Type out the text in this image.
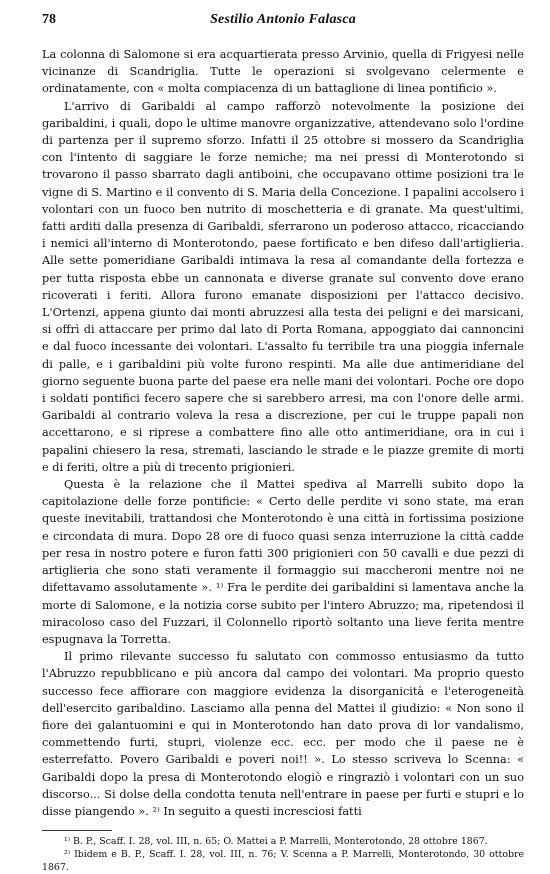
78	Sestilio Antonio Falasca

La colonna di Salomone si era acquartierata presso Arvinio, quella di Frigyesi nelle vicinanze di Scandriglia. Tutte le operazioni si svolgevano celermente e ordinatamente, con « molta compiacenza di un battaglione di linea pontificio ».

L'arrivo di Garibaldi al campo rafforzò notevolmente la posizione dei garibaldini, i quali, dopo le ultime manovre organizzative, attendevano solo l'ordine di partenza per il supremo sforzo. Infatti il 25 ottobre si mossero da Scandriglia con l'intento di saggiare le forze nemiche; ma nei pressi di Monterotondo si trovarono il passo sbarrato dagli antiboini, che occupavano ottime posizioni tra le vigne di S. Martino e il convento di S. Maria della Concezione. I papalini accolsero i volontari con un fuoco ben nutrito di moschetteria e di granate. Ma quest'ultimi, fatti arditi dalla presenza di Garibaldi, sferrarono un poderoso attacco, ricacciando i nemici all'interno di Monterotondo, paese fortificato e ben difeso dall'artiglieria. Alle sette pomeridiane Garibaldi intimava la resa al comandante della fortezza e per tutta risposta ebbe un cannonata e diverse granate sul convento dove erano ricoverati i feriti. Allora furono emanate disposizioni per l'attacco decisivo. L'Ortenzi, appena giunto dai monti abruzzesi alla testa dei peligni e dei marsicani, si offrì di attaccare per primo dal lato di Porta Romana, appoggiato dai cannoncini e dal fuoco incessante dei volontari. L'assalto fu terribile tra una pioggia infernale di palle, e i garibaldini più volte furono respinti. Ma alle due antimeridiane del giorno seguente buona parte del paese era nelle mani dei volontari. Poche ore dopo i soldati pontifici fecero sapere che si sarebbero arresi, ma con l'onore delle armi. Garibaldi al contrario voleva la resa a discrezione, per cui le truppe papali non accettarono, e si riprese a combattere fino alle otto antimeridiane, ora in cui i papalini chiesero la resa, stremati, lasciando le strade e le piazze gremite di morti e di feriti, oltre a più di trecento prigionieri.

Questa è la relazione che il Mattei spediva al Marrelli subito dopo la capitolazione delle forze pontificie: « Certo delle perdite vi sono state, ma eran queste inevitabili, trattandosi che Monterotondo è una città in fortissima posizione e circondata di mura. Dopo 28 ore di fuoco quasi senza interruzione la città cadde per resa in nostro potere e furon fatti 300 prigionieri con 50 cavalli e due pezzi di artiglieria che sono stati veramente il formaggio sui maccheroni mentre noi ne difettavamo assolutamente ». ¹⁾ Fra le perdite dei garibaldini si lamentava anche la morte di Salomone, e la notizia corse subito per l'intero Abruzzo; ma, ripetendosi il miracoloso caso del Fuzzari, il Colonnello riportò soltanto una lieve ferita mentre espugnava la Torretta.

Il primo rilevante successo fu salutato con commosso entusiasmo da tutto l'Abruzzo repubblicano e più ancora dal campo dei volontari. Ma proprio questo successo fece affiorare con maggiore evidenza la disorganicità e l'eterogeneità dell'esercito garibaldino. Lasciamo alla penna del Mattei il giudizio: « Non sono il fiore dei galantuomini e qui in Monterotondo han dato prova di lor vandalismo, commettendo furti, stupri, violenze ecc. ecc. per modo che il paese ne è esterrefatto. Povero Garibaldi e poveri noi!! ». Lo stesso scriveva lo Scenna: « Garibaldi dopo la presa di Monterotondo elogiò e ringraziò i volontari con un suo discorso... Si dolse della condotta tenuta nell'entrare in paese per furti e stupri e lo disse piangendo ». ²⁾ In seguito a questi incresciosi fatti

¹⁾ B. P., Scaff. I. 28, vol. III, n. 65; O. Mattei a P. Marrelli, Monterotondo, 28 ottobre 1867.

²⁾ Ibidem e B. P., Scaff. I. 28, vol. III, n. 76; V. Scenna a P. Marrelli, Monterotondo, 30 ottobre 1867.
